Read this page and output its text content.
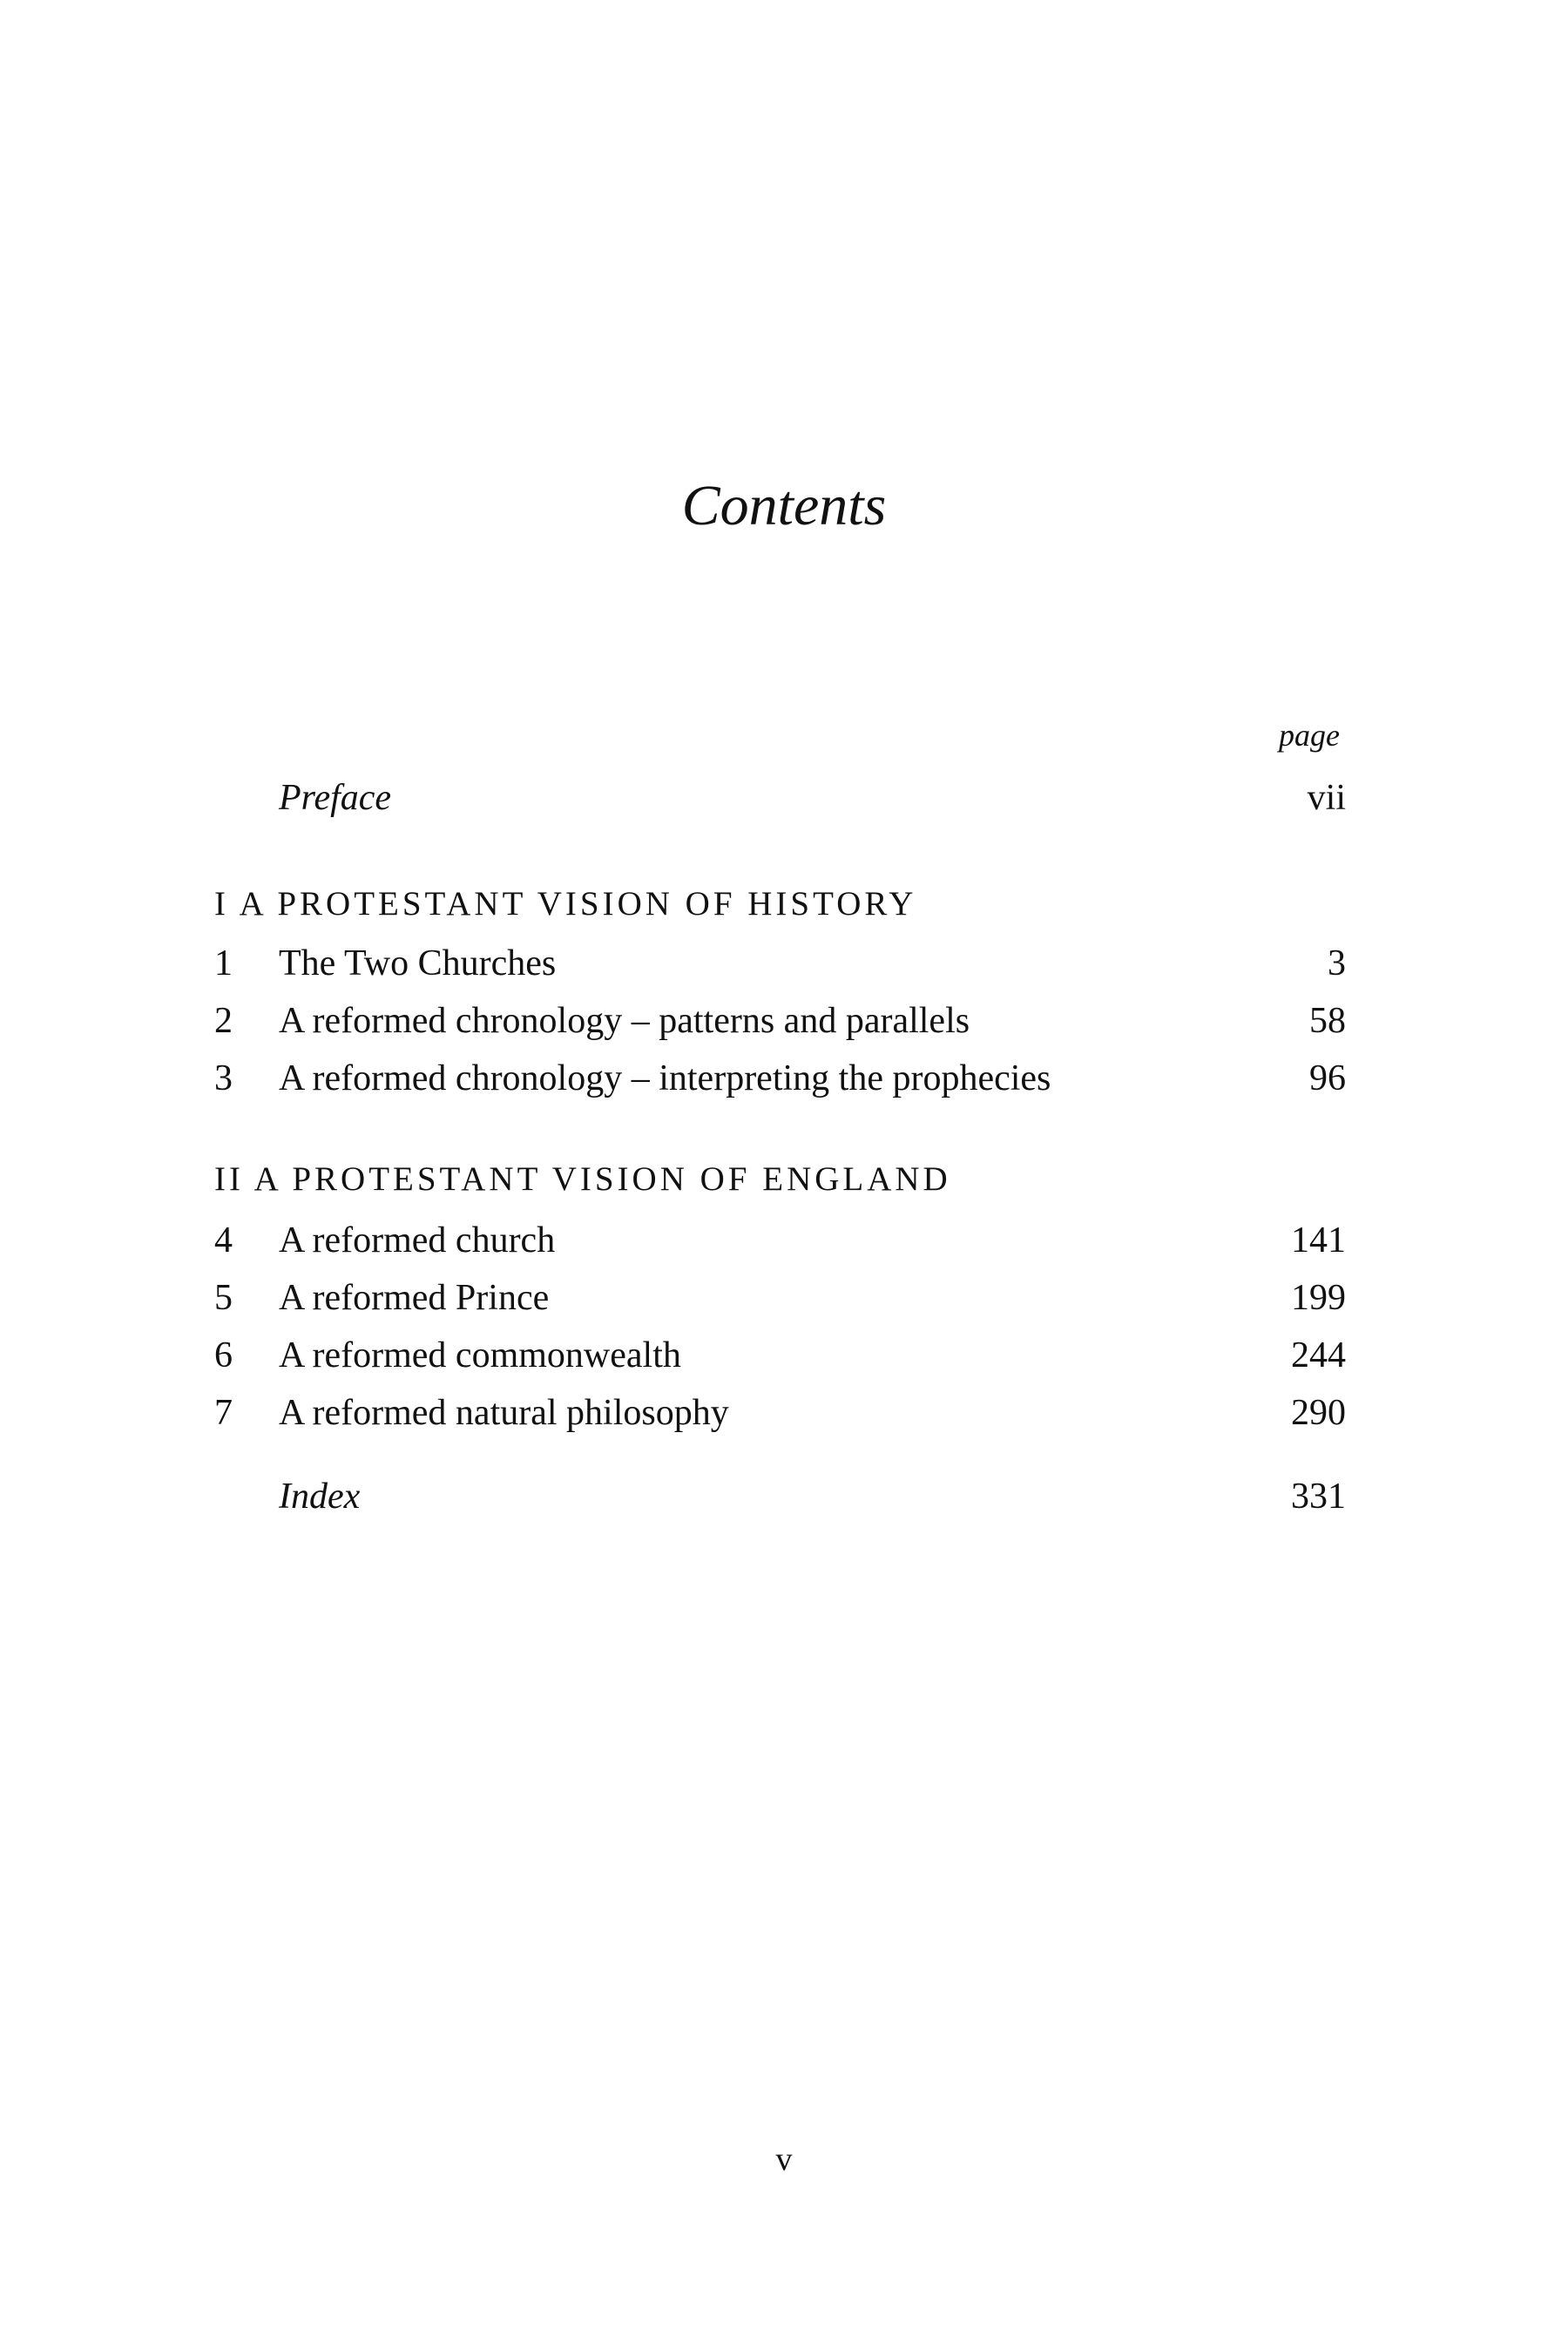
Contents
page
Preface	vii
I A PROTESTANT VISION OF HISTORY
1	The Two Churches	3
2	A reformed chronology – patterns and parallels	58
3	A reformed chronology – interpreting the prophecies	96
II A PROTESTANT VISION OF ENGLAND
4	A reformed church	141
5	A reformed Prince	199
6	A reformed commonwealth	244
7	A reformed natural philosophy	290
Index	331
v
